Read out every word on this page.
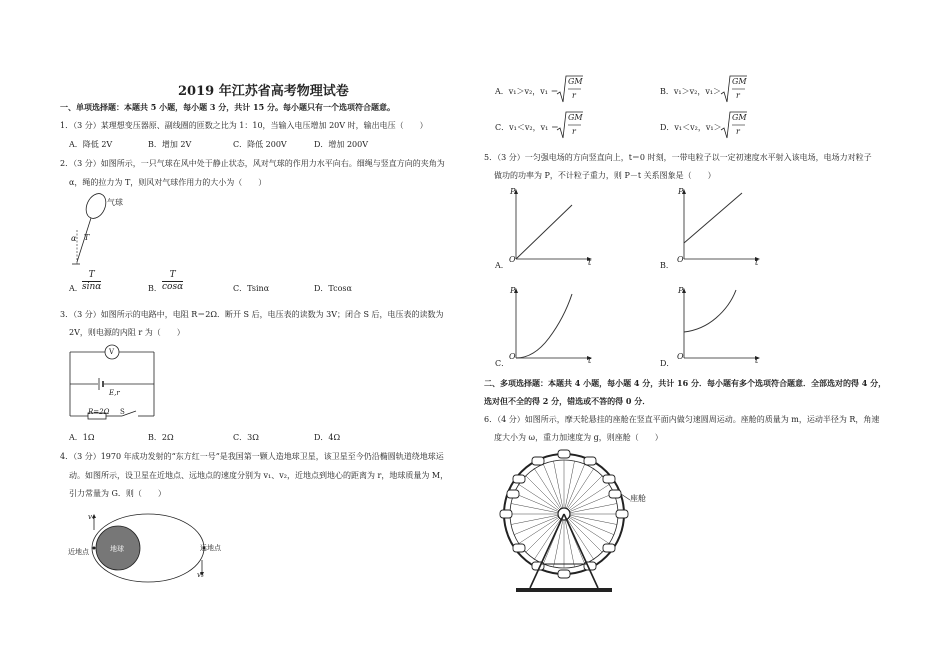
2019 年江苏省高考物理试卷
一、单项选择题：本题共 5 小题，每小题 3 分，共计 15 分。每小题只有一个选项符合题意。
1．（3 分）某理想变压器原、副线圈的匝数之比为 1：10，当输入电压增加 20V 时，输出电压（　　）
A．降低 2V	B．增加 2V	C．降低 200V	D．增加 200V
2．（3 分）如图所示，一只气球在风中处于静止状态，风对气球的作用力水平向右。细绳与竖直方向的夹角为
α，绳的拉力为 T，则风对气球作用力的大小为（　　）
气球
α T
A． $\frac{T}{\sin\alpha}$	B． $\frac{T}{\cos\alpha}$	C．Tsinα	D．Tcosα
3．（3 分）如图所示的电路中，电阻 R＝2Ω．断开 S 后，电压表的读数为 3V；闭合 S 后，电压表的读数为
2V，则电源的内阻 r 为（　　）
V
E,r
R=2Ω S
A．1Ω	B．2Ω	C．3Ω	D．4Ω
4．（3 分）1970 年成功发射的“东方红一号”是我国第一颗人造地球卫星，该卫星至今仍沿椭圆轨道绕地球运
动。如图所示，设卫星在近地点、远地点的速度分别为 v₁、v₂，近地点到地心的距离为 r，地球质量为 M，
引力常量为 G．则（　　）
v₁
v₂
近地点	远地点
地球
A．v₁＞v₂，v₁ ＝
GM
r	B．v₁＞v₂，v₁＞
GM
r
C．v₁＜v₂，v₁ ＝
GM
r	D．v₁＜v₂，v₁＞
GM
r
5．（3 分）一匀强电场的方向竖直向上，t＝0 时刻，一带电粒子以一定初速度水平射入该电场，电场力对粒子
做功的功率为 P，不计粒子重力，则 P－t 关系图象是（　　）
P
t
O
A．
P
t
O
B．
P
t
O
C．
P
t
O
D．
二、多项选择题：本题共 4 小题，每小题 4 分，共计 16 分．每小题有多个选项符合题意．全部选对的得 4 分，
选对但不全的得 2 分，错选或不答的得 0 分．
6．（4 分）如图所示，摩天轮悬挂的座舱在竖直平面内做匀速圆周运动。座舱的质量为 m，运动半径为 R，角速
度大小为 ω，重力加速度为 g，则座舱（　　）
座舱
